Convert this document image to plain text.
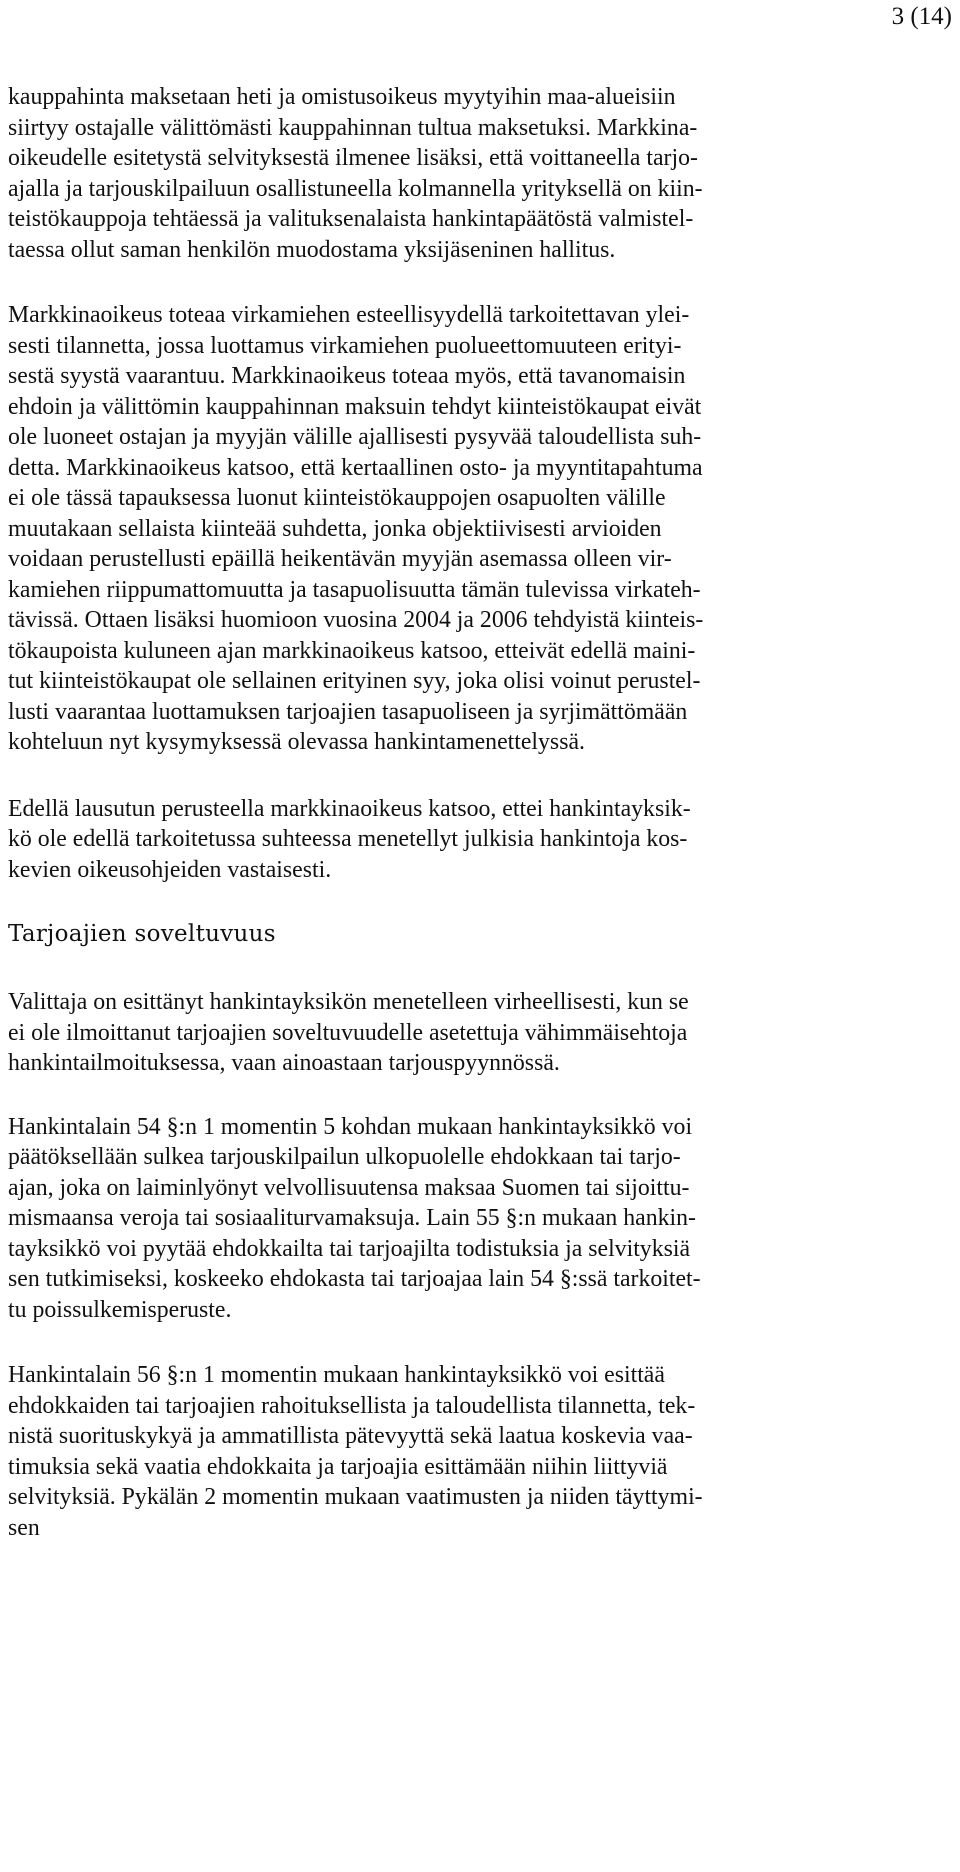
3 (14)

kauppahinta maksetaan heti ja omistusoikeus myytyihin maa-alueisiin
siirtyy ostajalle välittömästi kauppahinnan tultua maksetuksi. Markkina-
oikeudelle esitetystä selvityksestä ilmenee lisäksi, että voittaneella tarjo-
ajalla ja tarjouskilpailuun osallistuneella kolmannella yrityksellä on kiin-
teistökauppoja tehtäessä ja valituksenalaista hankintapäätöstä valmistel-
taessa ollut saman henkilön muodostama yksijäseninen hallitus.

Markkinaoikeus toteaa virkamiehen esteellisyydellä tarkoitettavan ylei-
sesti tilannetta, jossa luottamus virkamiehen puolueettomuuteen erityi-
sestä syystä vaarantuu. Markkinaoikeus toteaa myös, että tavanomaisin
ehdoin ja välittömin kauppahinnan maksuin tehdyt kiinteistökaupat eivät
ole luoneet ostajan ja myyjän välille ajallisesti pysyvää taloudellista suh-
detta. Markkinaoikeus katsoo, että kertaallinen osto- ja myyntitapahtuma
ei ole tässä tapauksessa luonut kiinteistökauppojen osapuolten välille
muutakaan sellaista kiinteää suhdetta, jonka objektiivisesti arvioiden
voidaan perustellusti epäillä heikentävän myyjän asemassa olleen vir-
kamiehen riippumattomuutta ja tasapuolisuutta tämän tulevissa virkateh-
tävissä. Ottaen lisäksi huomioon vuosina 2004 ja 2006 tehdyistä kiinteis-
tökaupoista kuluneen ajan markkinaoikeus katsoo, etteivät edellä maini-
tut kiinteistökaupat ole sellainen erityinen syy, joka olisi voinut perustel-
lusti vaarantaa luottamuksen tarjoajien tasapuoliseen ja syrjimättömään
kohteluun nyt kysymyksessä olevassa hankintamenettelyssä.

Edellä lausutun perusteella markkinaoikeus katsoo, ettei hankintayksik-
kö ole edellä tarkoitetussa suhteessa menetellyt julkisia hankintoja kos-
kevien oikeusohjeiden vastaisesti.

Tarjoajien soveltuvuus

Valittaja on esittänyt hankintayksikön menetelleen virheellisesti, kun se
ei ole ilmoittanut tarjoajien soveltuvuudelle asetettuja vähimmäisehtoja
hankintailmoituksessa, vaan ainoastaan tarjouspyynnössä.

Hankintalain 54 §:n 1 momentin 5 kohdan mukaan hankintayksikkö voi
päätöksellään sulkea tarjouskilpailun ulkopuolelle ehdokkaan tai tarjo-
ajan, joka on laiminlyönyt velvollisuutensa maksaa Suomen tai sijoittu-
mismaansa veroja tai sosiaaliturvamaksuja. Lain 55 §:n mukaan hankin-
tayksikkö voi pyytää ehdokkailta tai tarjoajilta todistuksia ja selvityksiä
sen tutkimiseksi, koskeeko ehdokasta tai tarjoajaa lain 54 §:ssä tarkoitet-
tu poissulkemisperuste.

Hankintalain 56 §:n 1 momentin mukaan hankintayksikkö voi esittää
ehdokkaiden tai tarjoajien rahoituksellista ja taloudellista tilannetta, tek-
nistä suorituskykyä ja ammatillista pätevyyttä sekä laatua koskevia vaa-
timuksia sekä vaatia ehdokkaita ja tarjoajia esittämään niihin liittyviä
selvityksiä. Pykälän 2 momentin mukaan vaatimusten ja niiden täyttymi-
sen
